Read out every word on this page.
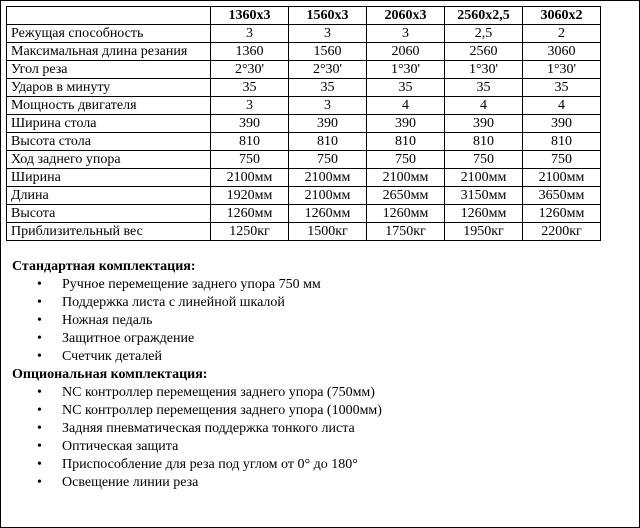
	1360x3	1560x3	2060x3	2560x2,5	3060x2
Режущая способность	3	3	3	2,5	2
Максимальная длина резания	1360	1560	2060	2560	3060
Угол реза	2°30'	2°30'	1°30'	1°30'	1°30'
Ударов в минуту	35	35	35	35	35
Мощность двигателя	3	3	4	4	4
Ширина стола	390	390	390	390	390
Высота стола	810	810	810	810	810
Ход заднего упора	750	750	750	750	750
Ширина	2100мм	2100мм	2100мм	2100мм	2100мм
Длина	1920мм	2100мм	2650мм	3150мм	3650мм
Высота	1260мм	1260мм	1260мм	1260мм	1260мм
Приблизительный вес	1250кг	1500кг	1750кг	1950кг	2200кг
Стандартная комплектация:
• Ручное перемещение заднего упора 750 мм
• Поддержка листа с линейной шкалой
• Ножная педаль
• Защитное ограждение
• Счетчик деталей
Опциональная комплектация:
• NC контроллер перемещения заднего упора (750мм)
• NC контроллер перемещения заднего упора (1000мм)
• Задняя пневматическая поддержка тонкого листа
• Оптическая защита
• Приспособление для реза под углом от 0° до 180°
• Освещение линии реза
